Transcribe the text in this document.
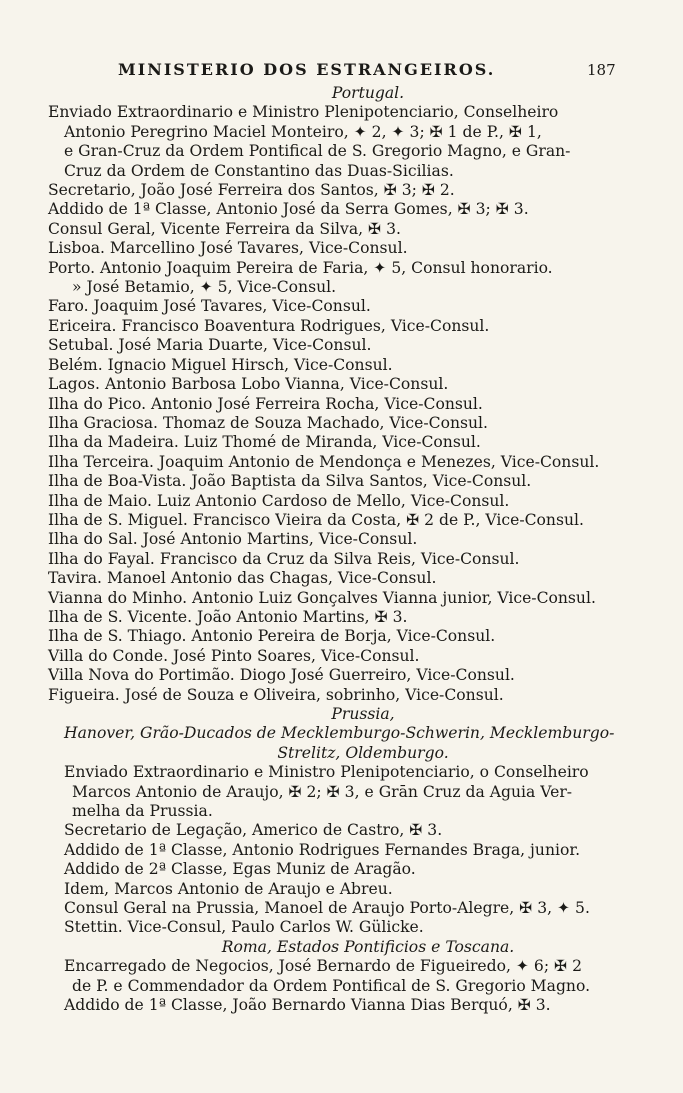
MINISTERIO DOS ESTRANGEIROS.	187
Portugal.
Enviado Extraordinario e Ministro Plenipotenciario, Conselheiro
Antonio Peregrino Maciel Monteiro, ✦ 2, ✦ 3; ✠ 1 de P., ✠ 1,
e Gran-Cruz da Ordem Pontifical de S. Gregorio Magno, e Gran-
Cruz da Ordem de Constantino das Duas-Sicilias.
Secretario, João José Ferreira dos Santos, ✠ 3; ✠ 2.
Addido de 1ª Classe, Antonio José da Serra Gomes, ✠ 3; ✠ 3.
Consul Geral, Vicente Ferreira da Silva, ✠ 3.
Lisboa. Marcellino José Tavares, Vice-Consul.
Porto. Antonio Joaquim Pereira de Faria, ✦ 5, Consul honorario.
» José Betamio, ✦ 5, Vice-Consul.
Faro. Joaquim José Tavares, Vice-Consul.
Ericeira. Francisco Boaventura Rodrigues, Vice-Consul.
Setubal. José Maria Duarte, Vice-Consul.
Belém. Ignacio Miguel Hirsch, Vice-Consul.
Lagos. Antonio Barbosa Lobo Vianna, Vice-Consul.
Ilha do Pico. Antonio José Ferreira Rocha, Vice-Consul.
Ilha Graciosa. Thomaz de Souza Machado, Vice-Consul.
Ilha da Madeira. Luiz Thomé de Miranda, Vice-Consul.
Ilha Terceira. Joaquim Antonio de Mendonça e Menezes, Vice-Consul.
Ilha de Boa-Vista. João Baptista da Silva Santos, Vice-Consul.
Ilha de Maio. Luiz Antonio Cardoso de Mello, Vice-Consul.
Ilha de S. Miguel. Francisco Vieira da Costa, ✠ 2 de P., Vice-Consul.
Ilha do Sal. José Antonio Martins, Vice-Consul.
Ilha do Fayal. Francisco da Cruz da Silva Reis, Vice-Consul.
Tavira. Manoel Antonio das Chagas, Vice-Consul.
Vianna do Minho. Antonio Luiz Gonçalves Vianna junior, Vice-Consul.
Ilha de S. Vicente. João Antonio Martins, ✠ 3.
Ilha de S. Thiago. Antonio Pereira de Borja, Vice-Consul.
Villa do Conde. José Pinto Soares, Vice-Consul.
Villa Nova do Portimão. Diogo José Guerreiro, Vice-Consul.
Figueira. José de Souza e Oliveira, sobrinho, Vice-Consul.
Prussia,
Hanover, Grão-Ducados de Mecklemburgo-Schwerin, Mecklemburgo-
Strelitz, Oldemburgo.
Enviado Extraordinario e Ministro Plenipotenciario, o Conselheiro
Marcos Antonio de Araujo, ✠ 2; ✠ 3, e Grān Cruz da Aguia Ver-
melha da Prussia.
Secretario de Legação, Americo de Castro, ✠ 3.
Addido de 1ª Classe, Antonio Rodrigues Fernandes Braga, junior.
Addido de 2ª Classe, Egas Muniz de Aragão.
Idem, Marcos Antonio de Araujo e Abreu.
Consul Geral na Prussia, Manoel de Araujo Porto-Alegre, ✠ 3, ✦ 5.
Stettin. Vice-Consul, Paulo Carlos W. Gülicke.
Roma, Estados Pontificios e Toscana.
Encarregado de Negocios, José Bernardo de Figueiredo, ✦ 6; ✠ 2
de P. e Commendador da Ordem Pontifical de S. Gregorio Magno.
Addido de 1ª Classe, João Bernardo Vianna Dias Berquó, ✠ 3.
